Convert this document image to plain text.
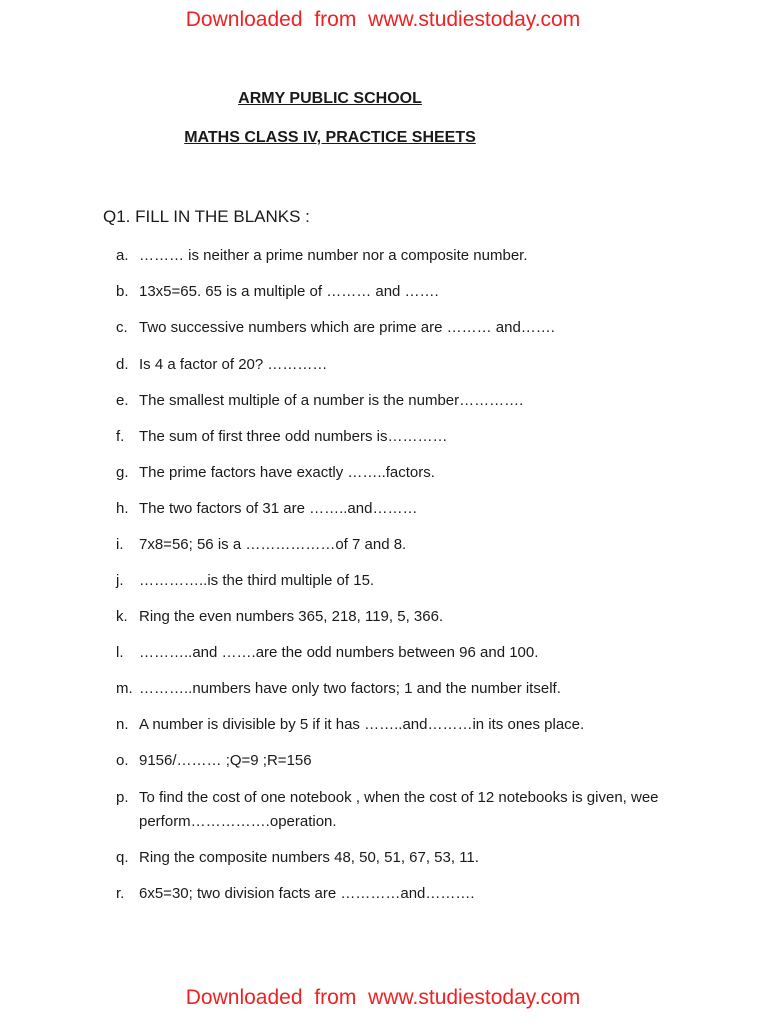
Downloaded from www.studiestoday.com
ARMY PUBLIC SCHOOL
MATHS CLASS IV, PRACTICE SHEETS
Q1. FILL IN THE BLANKS :
a. ……… is neither a prime number nor a composite number.
b. 13x5=65. 65 is a multiple of ……… and …….
c. Two successive numbers which are prime are ……… and…….
d. Is 4 a factor of 20? …………
e. The smallest multiple of a number is the number………….
f. The sum of first three odd numbers is…………
g. The prime factors have exactly ……..factors.
h. The two factors of 31 are ……..and………
i. 7x8=56; 56 is a ………………of 7 and 8.
j. …………..is the third multiple of 15.
k. Ring the even numbers 365, 218, 119, 5, 366.
l. ………..and …….are the odd numbers between 96 and 100.
m. ………..numbers have only two factors; 1 and the number itself.
n. A number is divisible by 5 if it has ……..and………in its ones place.
o. 9156/……… ;Q=9 ;R=156
p. To find the cost of one notebook , when the cost of 12 notebooks is given, wee perform…………….operation.
q. Ring the composite numbers 48, 50, 51, 67, 53, 11.
r. 6x5=30; two division facts are …………and……….
Downloaded from www.studiestoday.com
